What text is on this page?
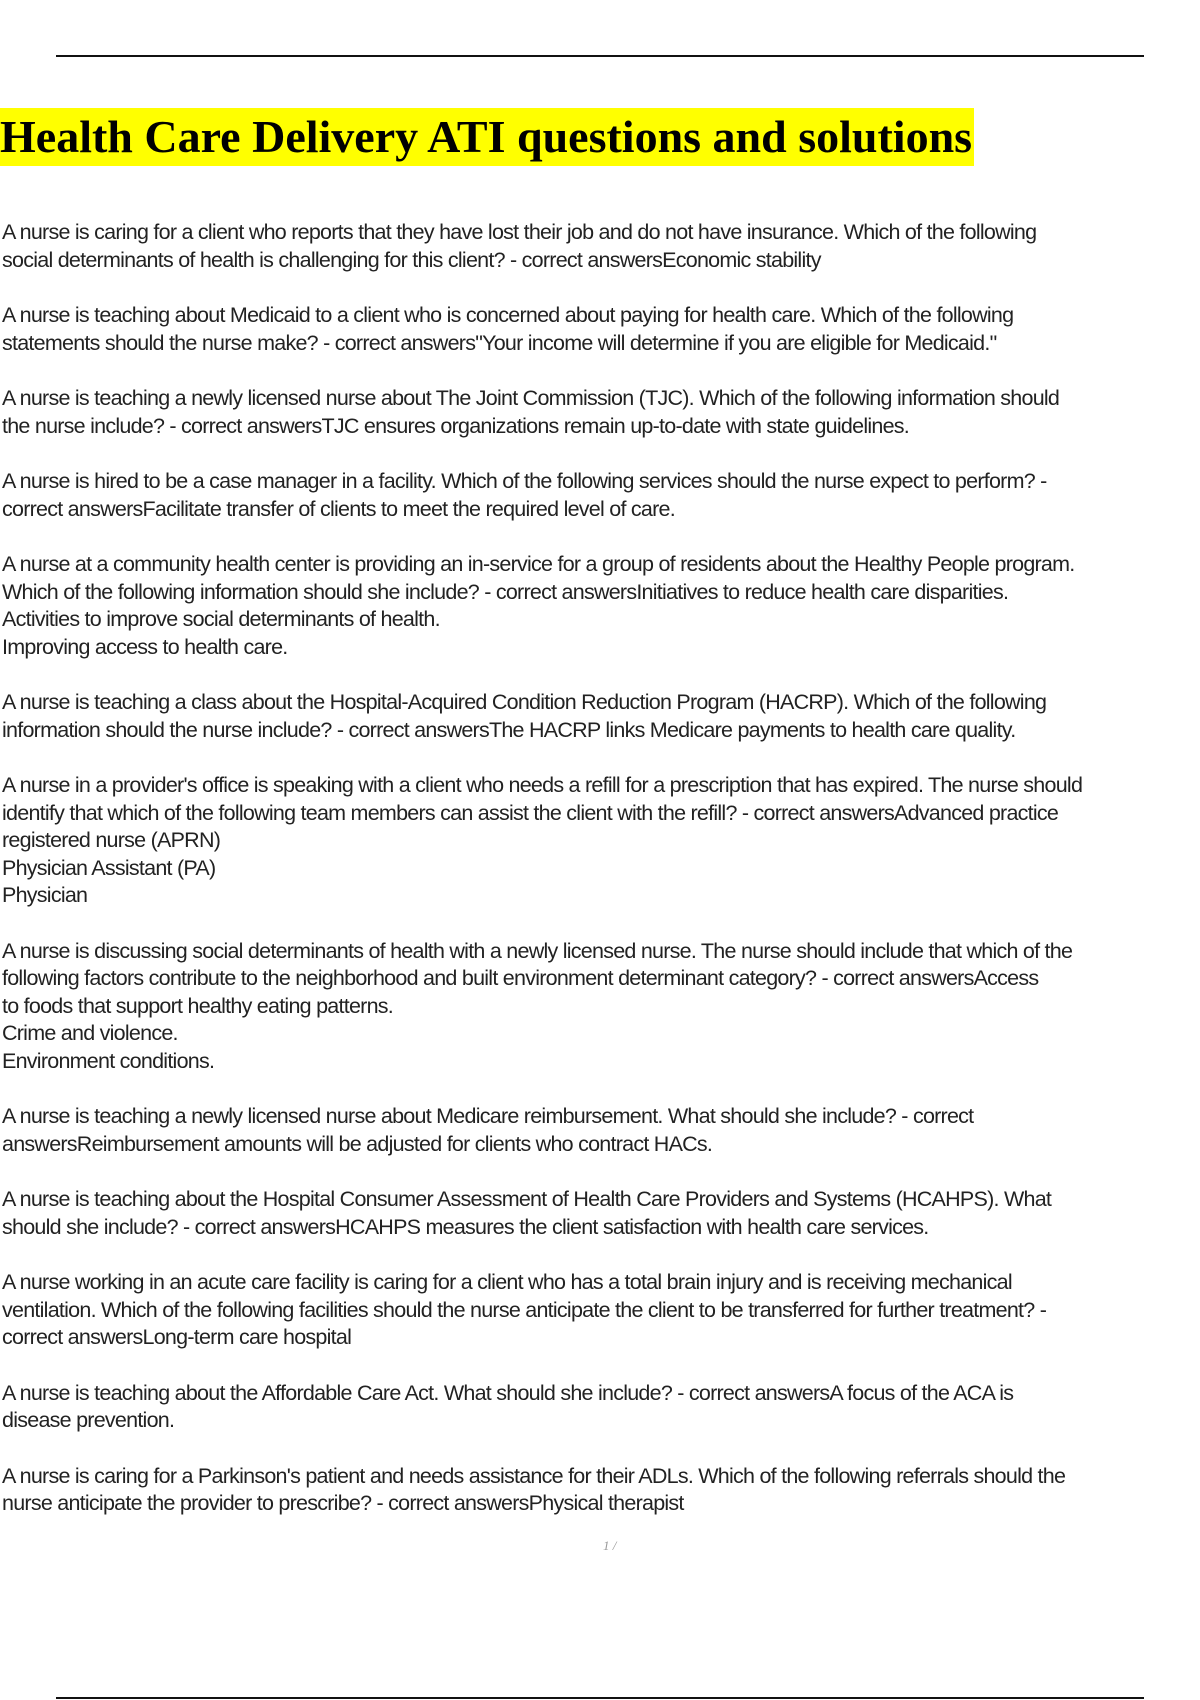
Health Care Delivery ATI questions and solutions
A nurse is caring for a client who reports that they have lost their job and do not have insurance. Which of the following
social determinants of health is challenging for this client? - correct answersEconomic stability
A nurse is teaching about Medicaid to a client who is concerned about paying for health care. Which of the following
statements should the nurse make? - correct answers"Your income will determine if you are eligible for Medicaid."
A nurse is teaching a newly licensed nurse about The Joint Commission (TJC). Which of the following information should
the nurse include? - correct answersTJC ensures organizations remain up-to-date with state guidelines.
A nurse is hired to be a case manager in a facility. Which of the following services should the nurse expect to perform? -
correct answersFacilitate transfer of clients to meet the required level of care.
A nurse at a community health center is providing an in-service for a group of residents about the Healthy People program.
Which of the following information should she include? - correct answersInitiatives to reduce health care disparities.
Activities to improve social determinants of health.
Improving access to health care.
A nurse is teaching a class about the Hospital-Acquired Condition Reduction Program (HACRP). Which of the following
information should the nurse include? - correct answersThe HACRP links Medicare payments to health care quality.
A nurse in a provider's office is speaking with a client who needs a refill for a prescription that has expired. The nurse should
identify that which of the following team members can assist the client with the refill? - correct answersAdvanced practice
registered nurse (APRN)
Physician Assistant (PA)
Physician
A nurse is discussing social determinants of health with a newly licensed nurse. The nurse should include that which of the
following factors contribute to the neighborhood and built environment determinant category? - correct answersAccess
to foods that support healthy eating patterns.
Crime and violence.
Environment conditions.
A nurse is teaching a newly licensed nurse about Medicare reimbursement. What should she include? - correct
answersReimbursement amounts will be adjusted for clients who contract HACs.
A nurse is teaching about the Hospital Consumer Assessment of Health Care Providers and Systems (HCAHPS). What
should she include? - correct answersHCAHPS measures the client satisfaction with health care services.
A nurse working in an acute care facility is caring for a client who has a total brain injury and is receiving mechanical
ventilation. Which of the following facilities should the nurse anticipate the client to be transferred for further treatment? -
correct answersLong-term care hospital
A nurse is teaching about the Affordable Care Act. What should she include? - correct answersA focus of the ACA is
disease prevention.
A nurse is caring for a Parkinson's patient and needs assistance for their ADLs. Which of the following referrals should the
nurse anticipate the provider to prescribe? - correct answersPhysical therapist
1 /
